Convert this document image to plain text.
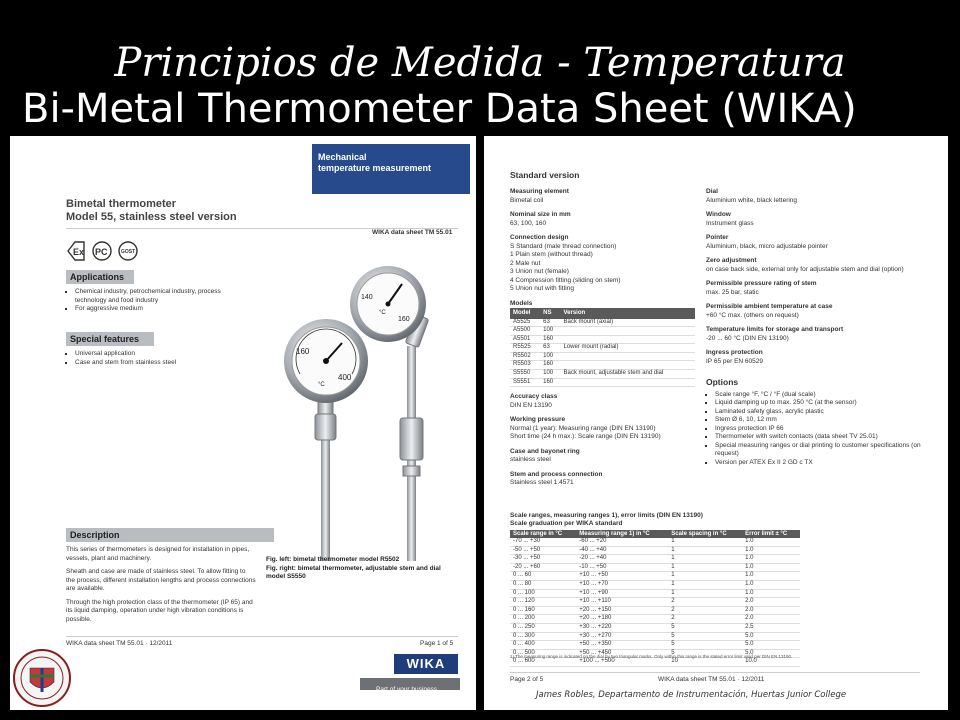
Principios de Medida - Temperatura
Bi-Metal Thermometer Data Sheet (WIKA)
Mechanical
temperature measurement
Bimetal thermometer
Model 55, stainless steel version
WIKA data sheet TM 55.01
Ex PC	GOST
Applications
▪ Chemical industry, petrochemical industry, process technology and food industry
▪ For aggressive medium
Special features
▪ Universal application
▪ Case and stem from stainless steel
140
160
°C
160
400
°C
Description

This series of thermometers is designed for installation in pipes, vessels, plant and machinery.

Sheath and case are made of stainless steel. To allow fitting to the process, different installation lengths and process connections are available.

Through the high protection class of the thermometer (IP 65) and its liquid damping, operation under high vibration conditions is possible.

Fig. left: bimetal thermometer model R5502
Fig. right: bimetal thermometer, adjustable stem and dial model S5550
WIKA data sheet TM 55.01 · 12/2011	Page 1 of 5
WIKA
Part of your business
Standard version
Measuring element
Bimetal coil
Nominal size in mm
63, 100, 160
Connection design
S Standard (male thread connection)
1 Plain stem (without thread)
2 Male nut
3 Union nut (female)
4 Compression fitting (sliding on stem)
5 Union nut with fitting
Models
Model	NS	Version
A5525	63	Back mount (axial)
A5500	100	
A5501	160	
R5525	63	Lower mount (radial)
R5502	100	
R5503	160	
S5550	100	Back mount, adjustable stem and dial
S5551	160	
Accuracy class
DIN EN 13190
Working pressure
Normal (1 year): Measuring range (DIN EN 13190)
Short time (24 h max.): Scale range (DIN EN 13190)
Case and bayonet ring
stainless steel
Stem and process connection
Stainless steel 1.4571
Dial
Aluminium white, black lettering
Window
Instrument glass
Pointer
Aluminium, black, micro adjustable pointer
Zero adjustment
on case back side, external only for adjustable stem and dial (option)
Permissible pressure rating of stem
max. 25 bar, static
Permissible ambient temperature at case
+60 °C max. (others on request)
Temperature limits for storage and transport
-20 ... 60 °C (DIN EN 13190)
Ingress protection
IP 65 per EN 60529
Options
▪ Scale range °F, °C / °F (dual scale)
▪ Liquid damping up to max. 250 °C (at the sensor)
▪ Laminated safety glass, acrylic plastic
▪ Stem Ø 6, 10, 12 mm
▪ Ingress protection IP 66
▪ Thermometer with switch contacts (data sheet TV 25.01)
▪ Special measuring ranges or dial printing to customer specifications (on request)
▪ Version per ATEX Ex II 2 GD c TX
Scale ranges, measuring ranges 1), error limits (DIN EN 13190)
Scale graduation per WIKA standard
Scale range in °C	Measuring range 1) in °C	Scale spacing in °C	Error limit ± °C
-70 ... +30	-60 ... +20	1	1.0
-50 ... +50	-40 ... +40	1	1.0
-30 ... +50	-20 ... +40	1	1.0
-20 ... +60	-10 ... +50	1	1.0
0 ... 60	+10 ... +50	1	1.0
0 ... 80	+10 ... +70	1	1.0
0 ... 100	+10 ... +90	1	1.0
0 ... 120	+10 ... +110	2	2.0
0 ... 160	+20 ... +150	2	2.0
0 ... 200	+20 ... +180	2	2.0
0 ... 250	+30 ... +220	5	2.5
0 ... 300	+30 ... +270	5	5.0
0 ... 400	+50 ... +350	5	5.0
0 ... 500	+50 ... +450	5	5.0
0 ... 600	+100 ... +500	10	10.0
1) The measuring range is indicated on the dial by two triangular marks. Only within this range is the stated error limit valid per DIN EN 13190.
Page 2 of 5	WIKA data sheet TM 55.01 · 12/2011
James Robles, Departamento de Instrumentación, Huertas Junior College
